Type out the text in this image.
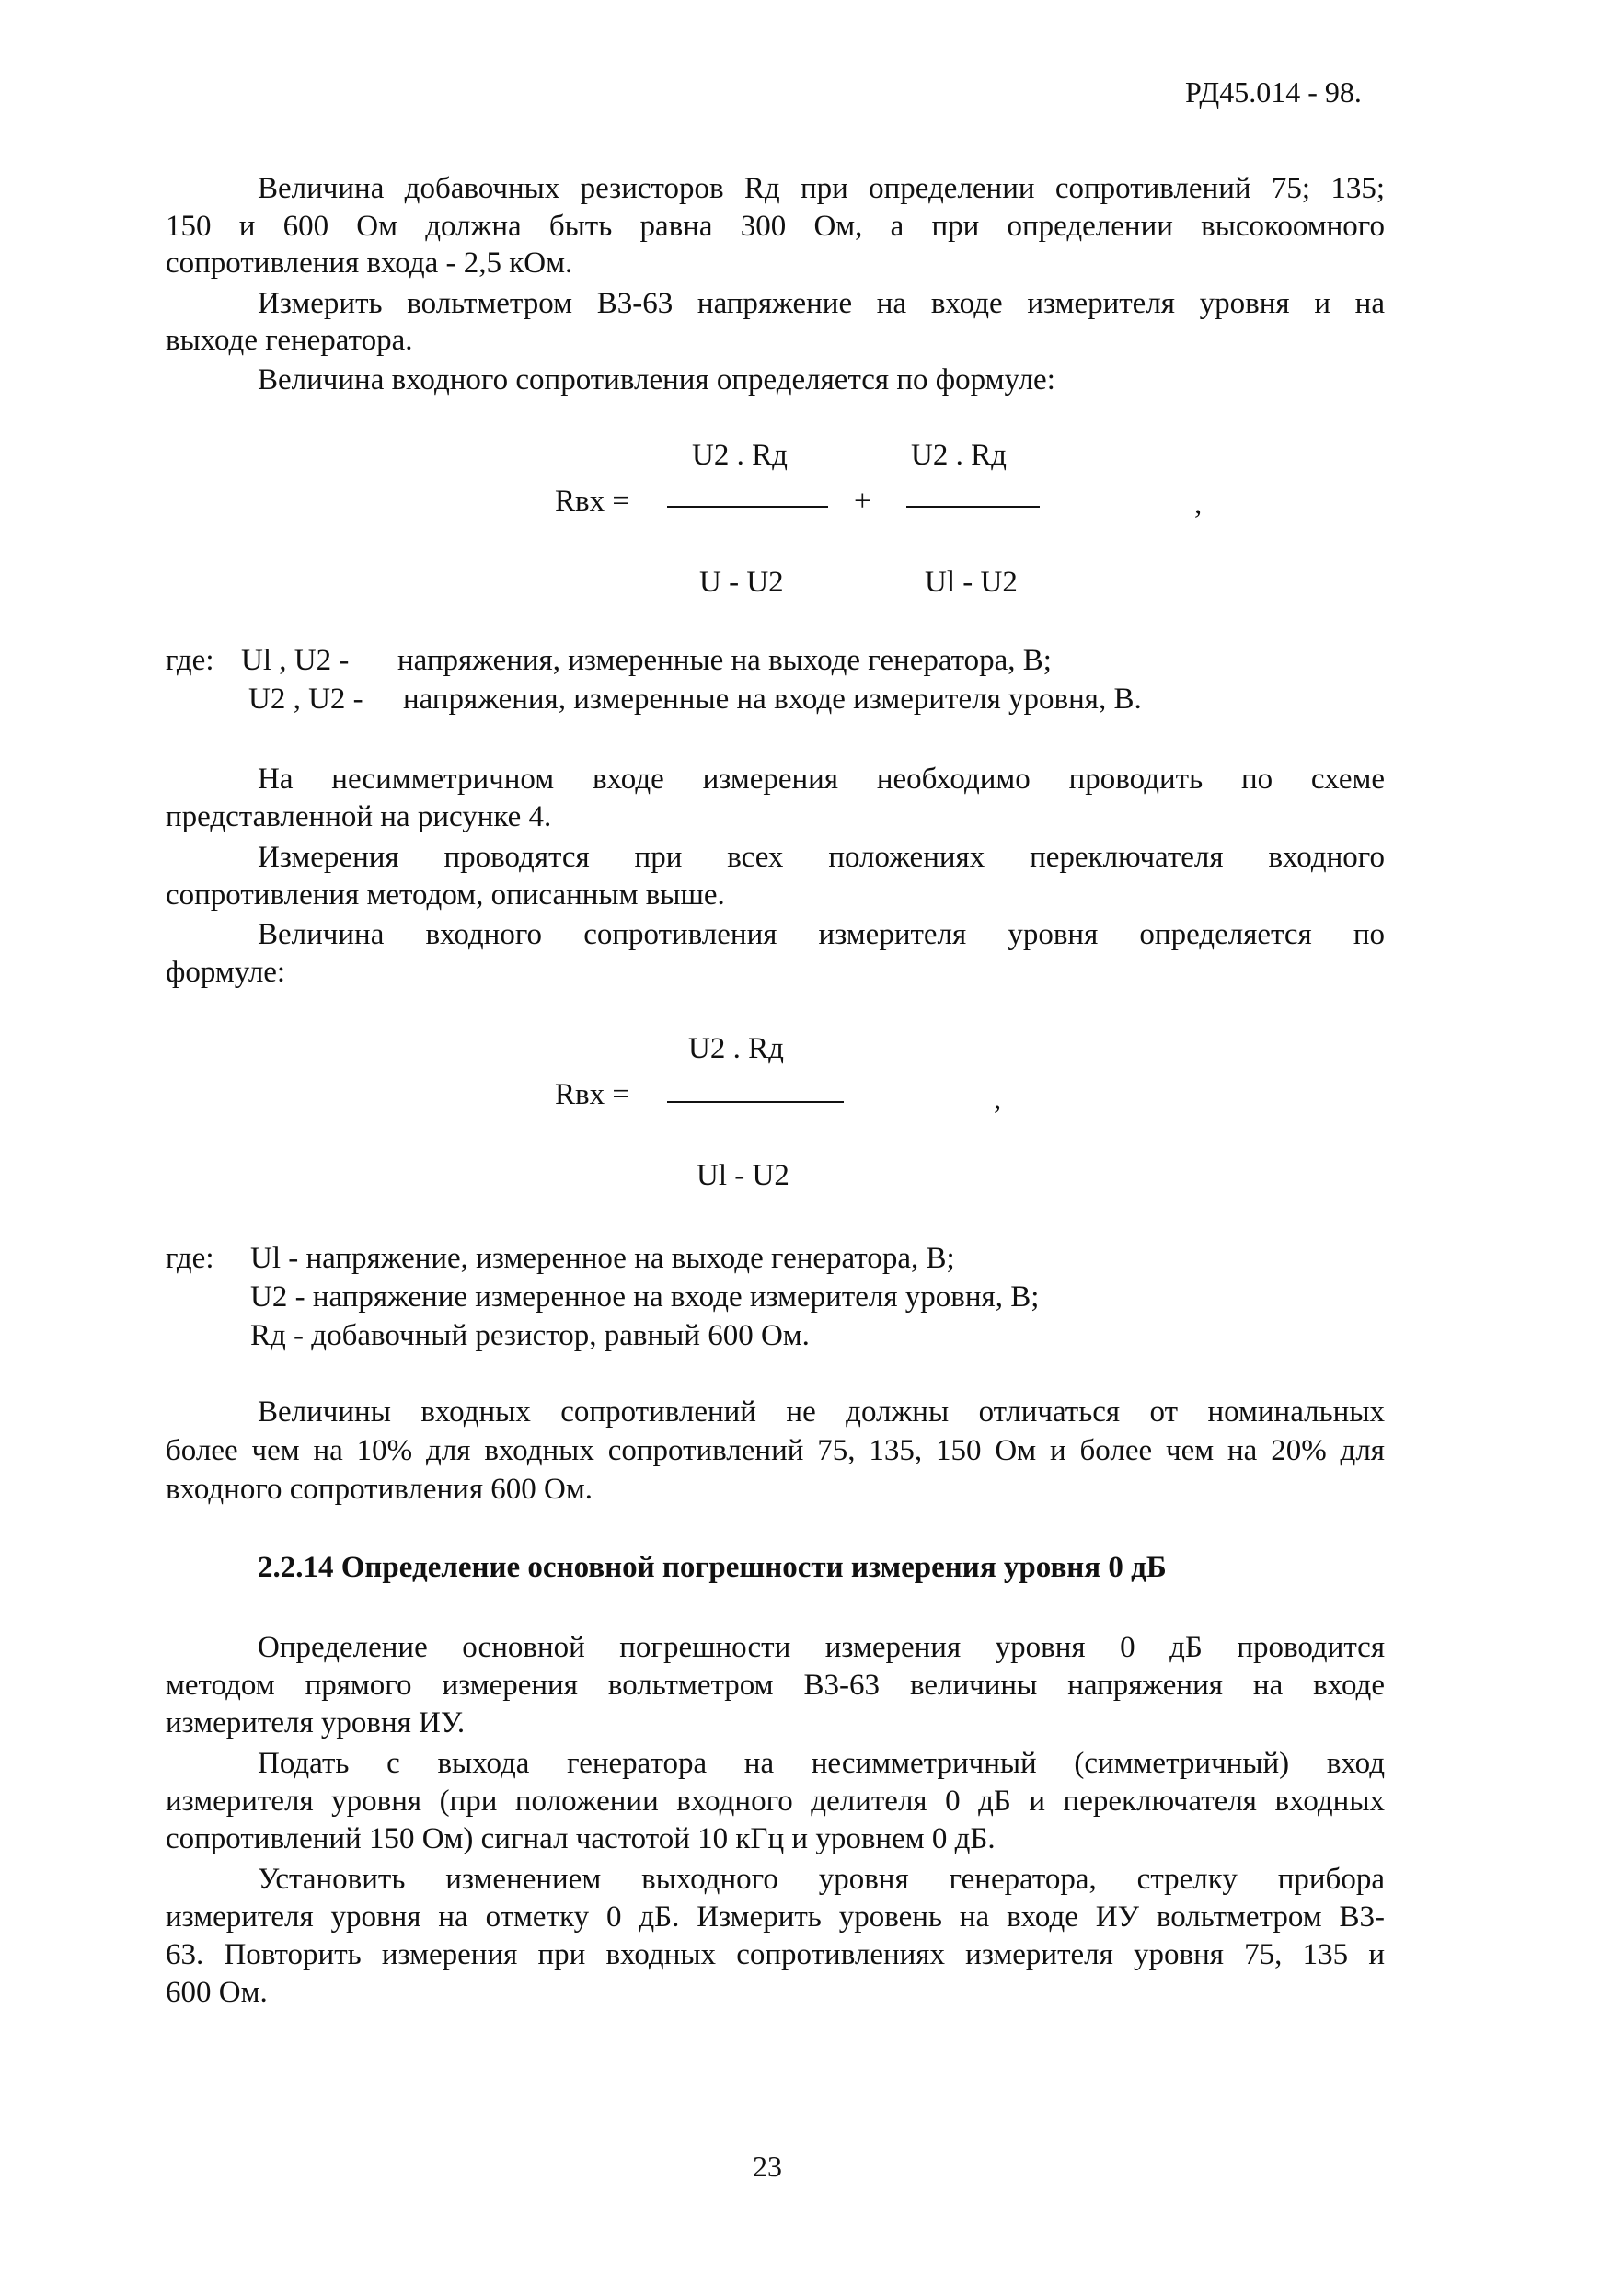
РД45.014 - 98.
Величина добавочных резисторов Rд при определении сопротивлений 75; 135;
150 и 600 Ом должна быть равна 300 Ом, а при определении высокоомного
сопротивления входа - 2,5 кОм.
Измерить вольтметром В3-63 напряжение на входе измерителя уровня и на
выходе генератора.
Величина входного сопротивления определяется по формуле:
Rвх =
U2 . Rд
U - U2
+
U2 . Rд
Ul - U2
,
где: Ul , U2 - напряжения, измеренные на выходе генератора, В;
U2 , U2 - напряжения, измеренные на входе измерителя уровня, В.
На несимметричном входе измерения необходимо проводить по схеме
представленной на рисунке 4.
Измерения проводятся при всех положениях переключателя входного
сопротивления методом, описанным выше.
Величина входного сопротивления измерителя уровня определяется по
формуле:
Rвх =
U2 . Rд
Ul - U2
,
где: Ul - напряжение, измеренное на выходе генератора, В;
U2 - напряжение измеренное на входе измерителя уровня, В;
Rд - добавочный резистор, равный 600 Ом.
Величины входных сопротивлений не должны отличаться от номинальных
более чем на 10% для входных сопротивлений 75, 135, 150 Ом и более чем на 20% для
входного сопротивления 600 Ом.
2.2.14 Определение основной погрешности измерения уровня 0 дБ
Определение основной погрешности измерения уровня 0 дБ проводится
методом прямого измерения вольтметром В3-63 величины напряжения на входе
измерителя уровня ИУ.
Подать с выхода генератора на несимметричный (симметричный) вход
измерителя уровня (при положении входного делителя 0 дБ и переключателя входных
сопротивлений 150 Ом) сигнал частотой 10 кГц и уровнем 0 дБ.
Установить изменением выходного уровня генератора, стрелку прибора
измерителя уровня на отметку 0 дБ. Измерить уровень на входе ИУ вольтметром В3-
63. Повторить измерения при входных сопротивлениях измерителя уровня 75, 135 и
600 Ом.
23
